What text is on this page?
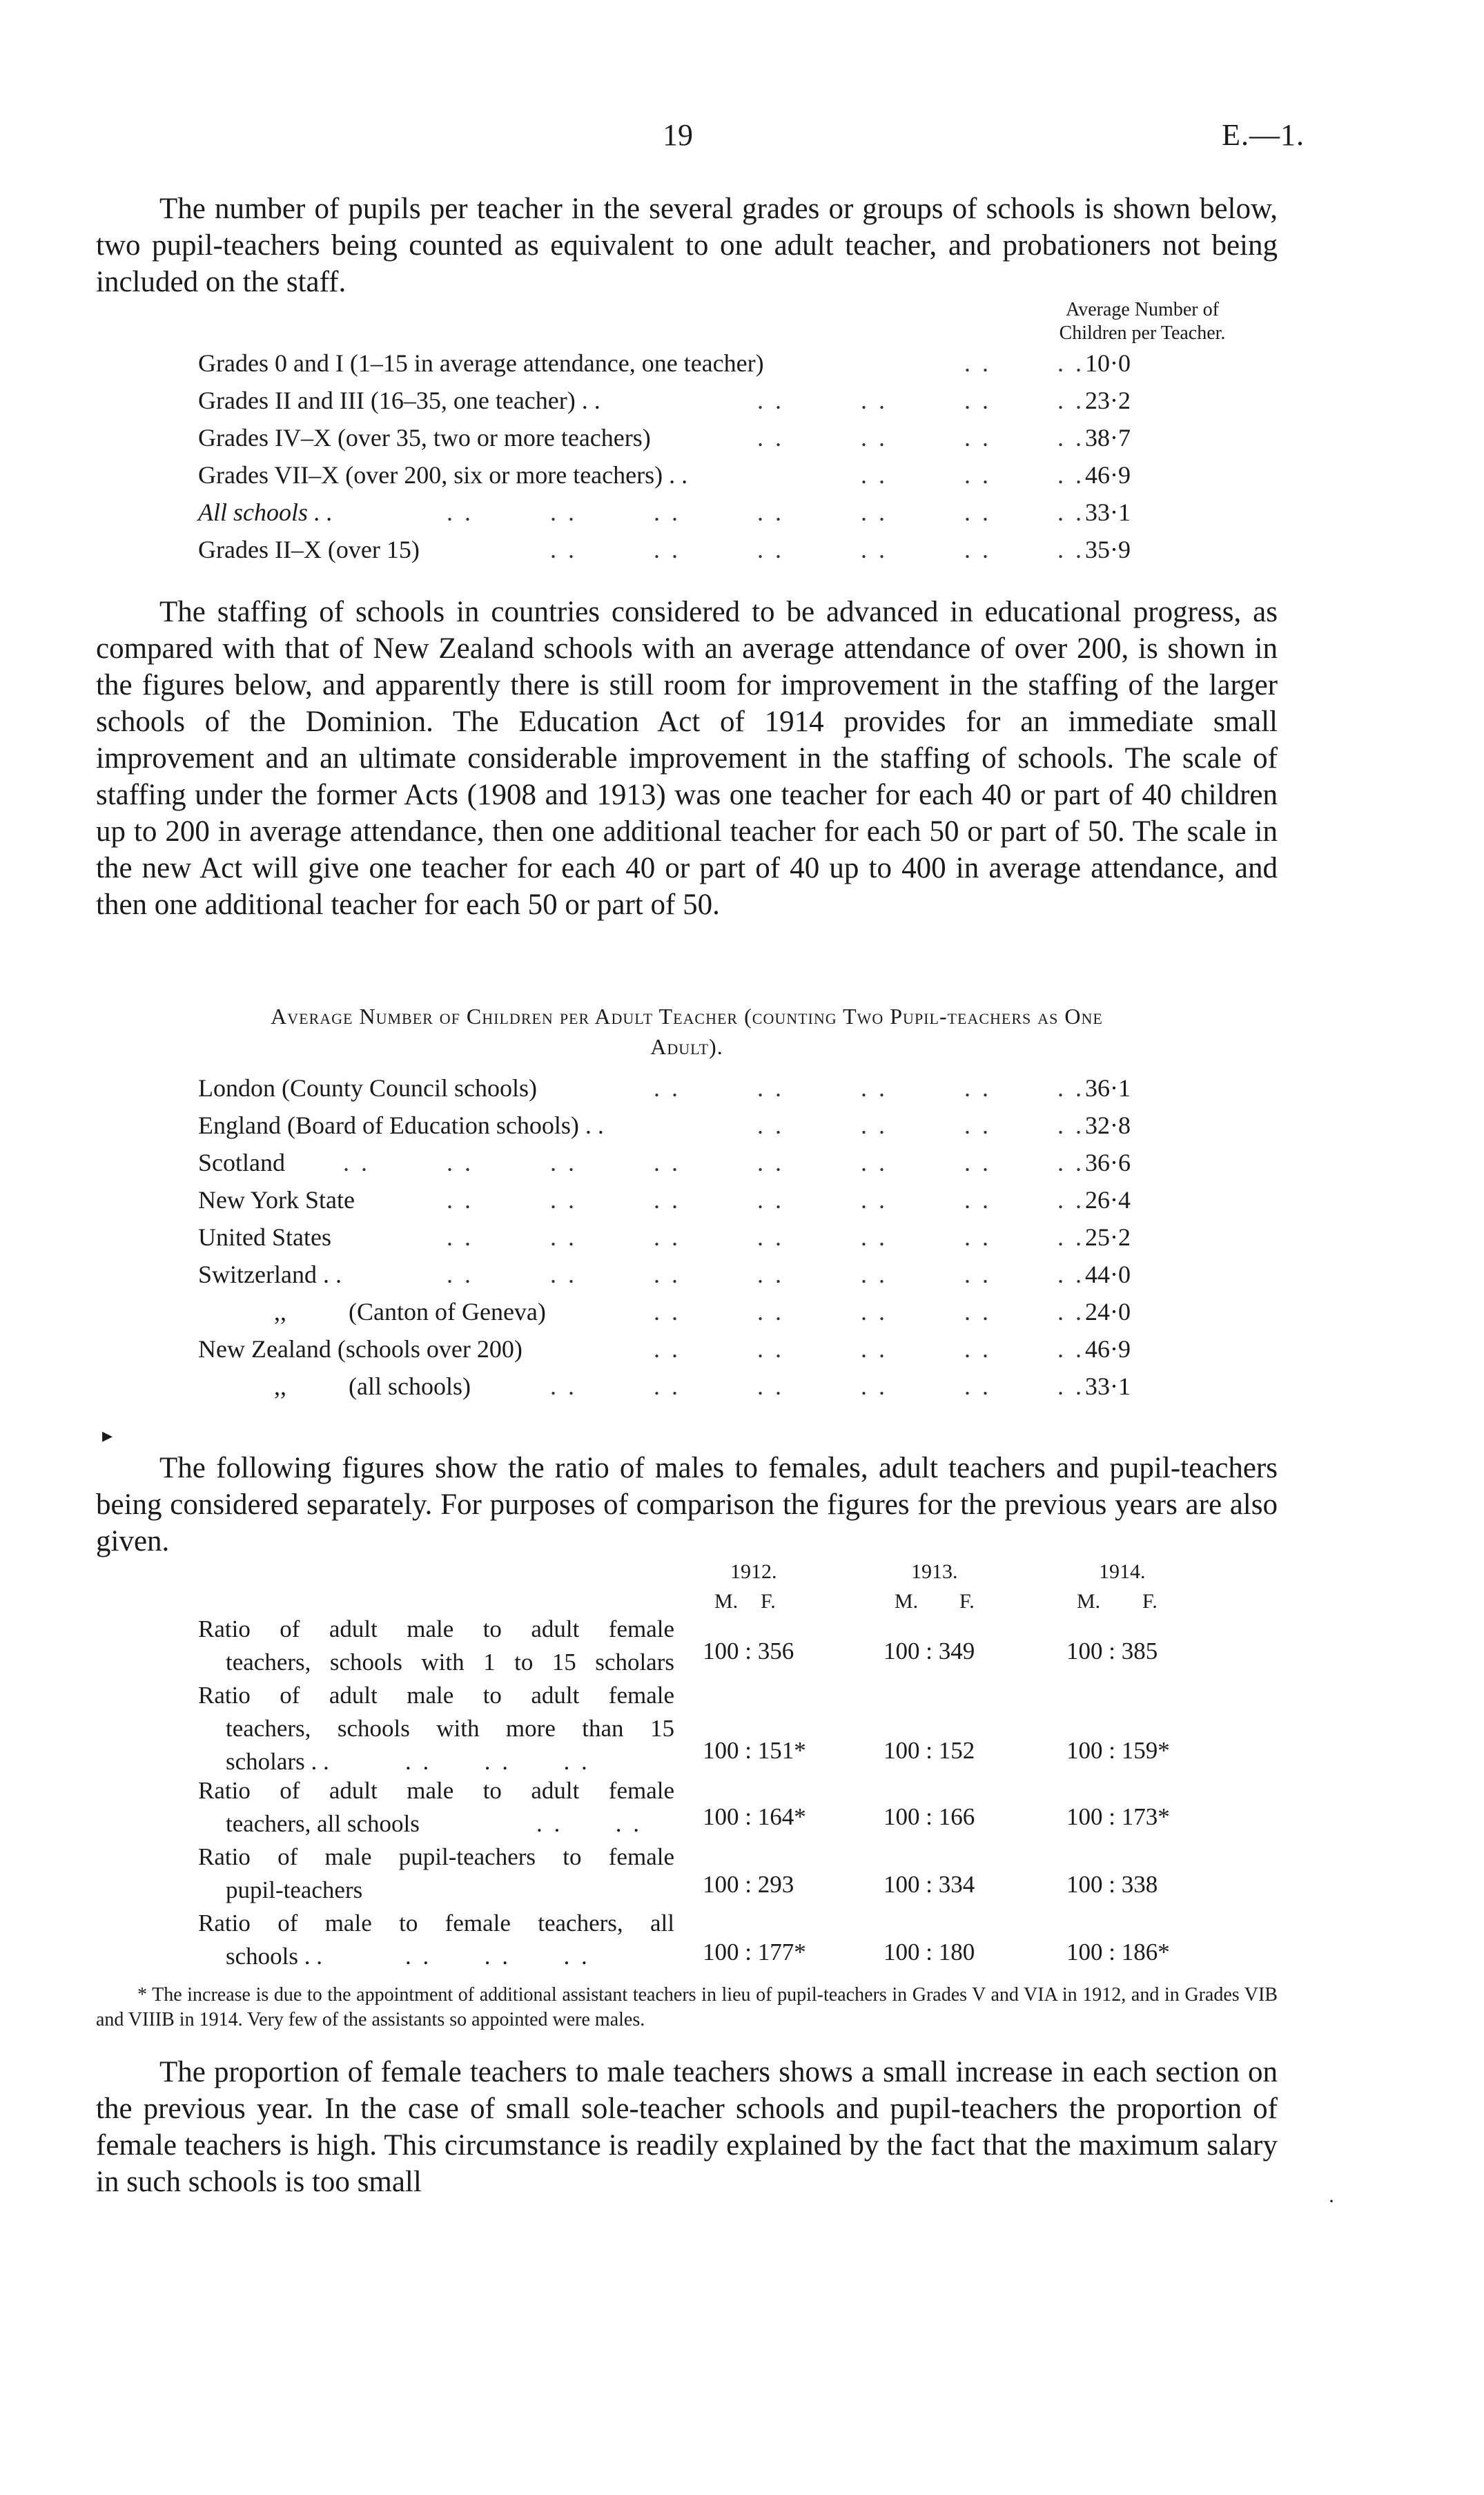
19	E.—1.

The number of pupils per teacher in the several grades or groups of schools is shown below, two pupil-teachers being counted as equivalent to one adult teacher, and probationers not being included on the staff.

Average Number of
Children per Teacher.
. .	. .
Grades 0 and I (1–15 in average attendance, one teacher)	10·0
. .	. .	. .	. .
Grades II and III (16–35, one teacher) . .	23·2
. .	. .	. .	. .
Grades IV–X (over 35, two or more teachers)	38·7
. .	. .	. .
Grades VII–X (over 200, six or more teachers) . .	46·9
. .	. .	. .	. .	. .	. .	. .
All schools . .	33·1
. .	. .	. .	. .	. .	. .
Grades II–X (over 15)	35·9

The staffing of schools in countries considered to be advanced in educational progress, as compared with that of New Zealand schools with an average attendance of over 200, is shown in the figures below, and apparently there is still room for improvement in the staffing of the larger schools of the Dominion. The Education Act of 1914 provides for an immediate small improvement and an ultimate considerable improvement in the staffing of schools. The scale of staffing under the former Acts (1908 and 1913) was one teacher for each 40 or part of 40 children up to 200 in average attendance, then one additional teacher for each 50 or part of 50. The scale in the new Act will give one teacher for each 40 or part of 40 up to 400 in average attendance, and then one additional teacher for each 50 or part of 50.

Average Number of Children per Adult Teacher (counting Two Pupil-teachers as One
Adult).
. .	. .	. .	. .	. .
London (County Council schools)	36·1
. .	. .	. .	. .
England (Board of Education schools) . .	32·8
. .	. .	. .	. .	. .	. .	. .	. .
Scotland	36·6
. .	. .	. .	. .	. .	. .	. .
New York State	26·4
. .	. .	. .	. .	. .	. .	. .
United States	25·2
. .	. .	. .	. .	. .	. .	. .
Switzerland . .	44·0
. .	. .	. .	. .	. .
,,          (Canton of Geneva)	24·0
. .	. .	. .	. .	. .
New Zealand (schools over 200)	46·9
. .	. .	. .	. .	. .	. .
,,          (all schools)	33·1
▸

The following figures show the ratio of males to females, adult teachers and pupil-teachers being considered separately. For purposes of comparison the figures for the previous years are also given.

1912.	1913.	1914.
M. F.	M. F.	M. F.
Ratio of adult male to adult female
teachers, schools with 1 to 15 scholars 100 : 356	100 : 349	100 : 385
Ratio of adult male to adult female
teachers, schools with more than 15
scholars . .	. .      . .      . .	100 : 151*	100 : 152	100 : 159*
Ratio of adult male to adult female
teachers, all schools	. .      . .	100 : 164*	100 : 166	100 : 173*
Ratio of male pupil-teachers to female
pupil-teachers	100 : 293	100 : 334	100 : 338
Ratio of male to female teachers, all
schools . .	. .      . .      . .	100 : 177*	100 : 180	100 : 186*

* The increase is due to the appointment of additional assistant teachers in lieu of pupil-teachers in Grades V and VIA in 1912, and in Grades VIB and VIIIB in 1914. Very few of the assistants so appointed were males.

The proportion of female teachers to male teachers shows a small increase in each section on the previous year. In the case of small sole-teacher schools and pupil-teachers the proportion of female teachers is high. This circumstance is readily explained by the fact that the maximum salary in such schools is too small

·
